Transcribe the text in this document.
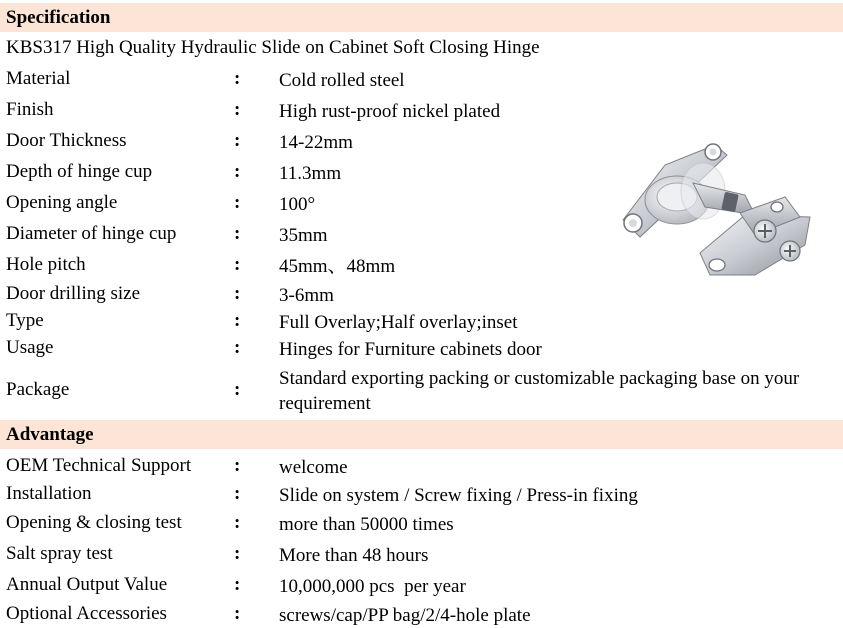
Specification
KBS317 High Quality Hydraulic Slide on Cabinet Soft Closing Hinge
Material	: Cold rolled steel
Finish	: High rust-proof nickel plated
Door Thickness	: 14-22mm
Depth of hinge cup	: 11.3mm
Opening angle	: 100°
Diameter of hinge cup	: 35mm
Hole pitch	: 45mm、48mm
Door drilling size	: 3-6mm
Type	: Full Overlay;Half overlay;inset
Usage	: Hinges for Furniture cabinets door
Package	:
Standard exporting packing or customizable packaging base on your requirement
Advantage
OEM Technical Support : welcome
Installation	: Slide on system / Screw fixing / Press-in fixing
Opening & closing test	: more than 50000 times
Salt spray test	: More than 48 hours
Annual Output Value	: 10,000,000 pcs  per year
Optional Accessories	: screws/cap/PP bag/2/4-hole plate
